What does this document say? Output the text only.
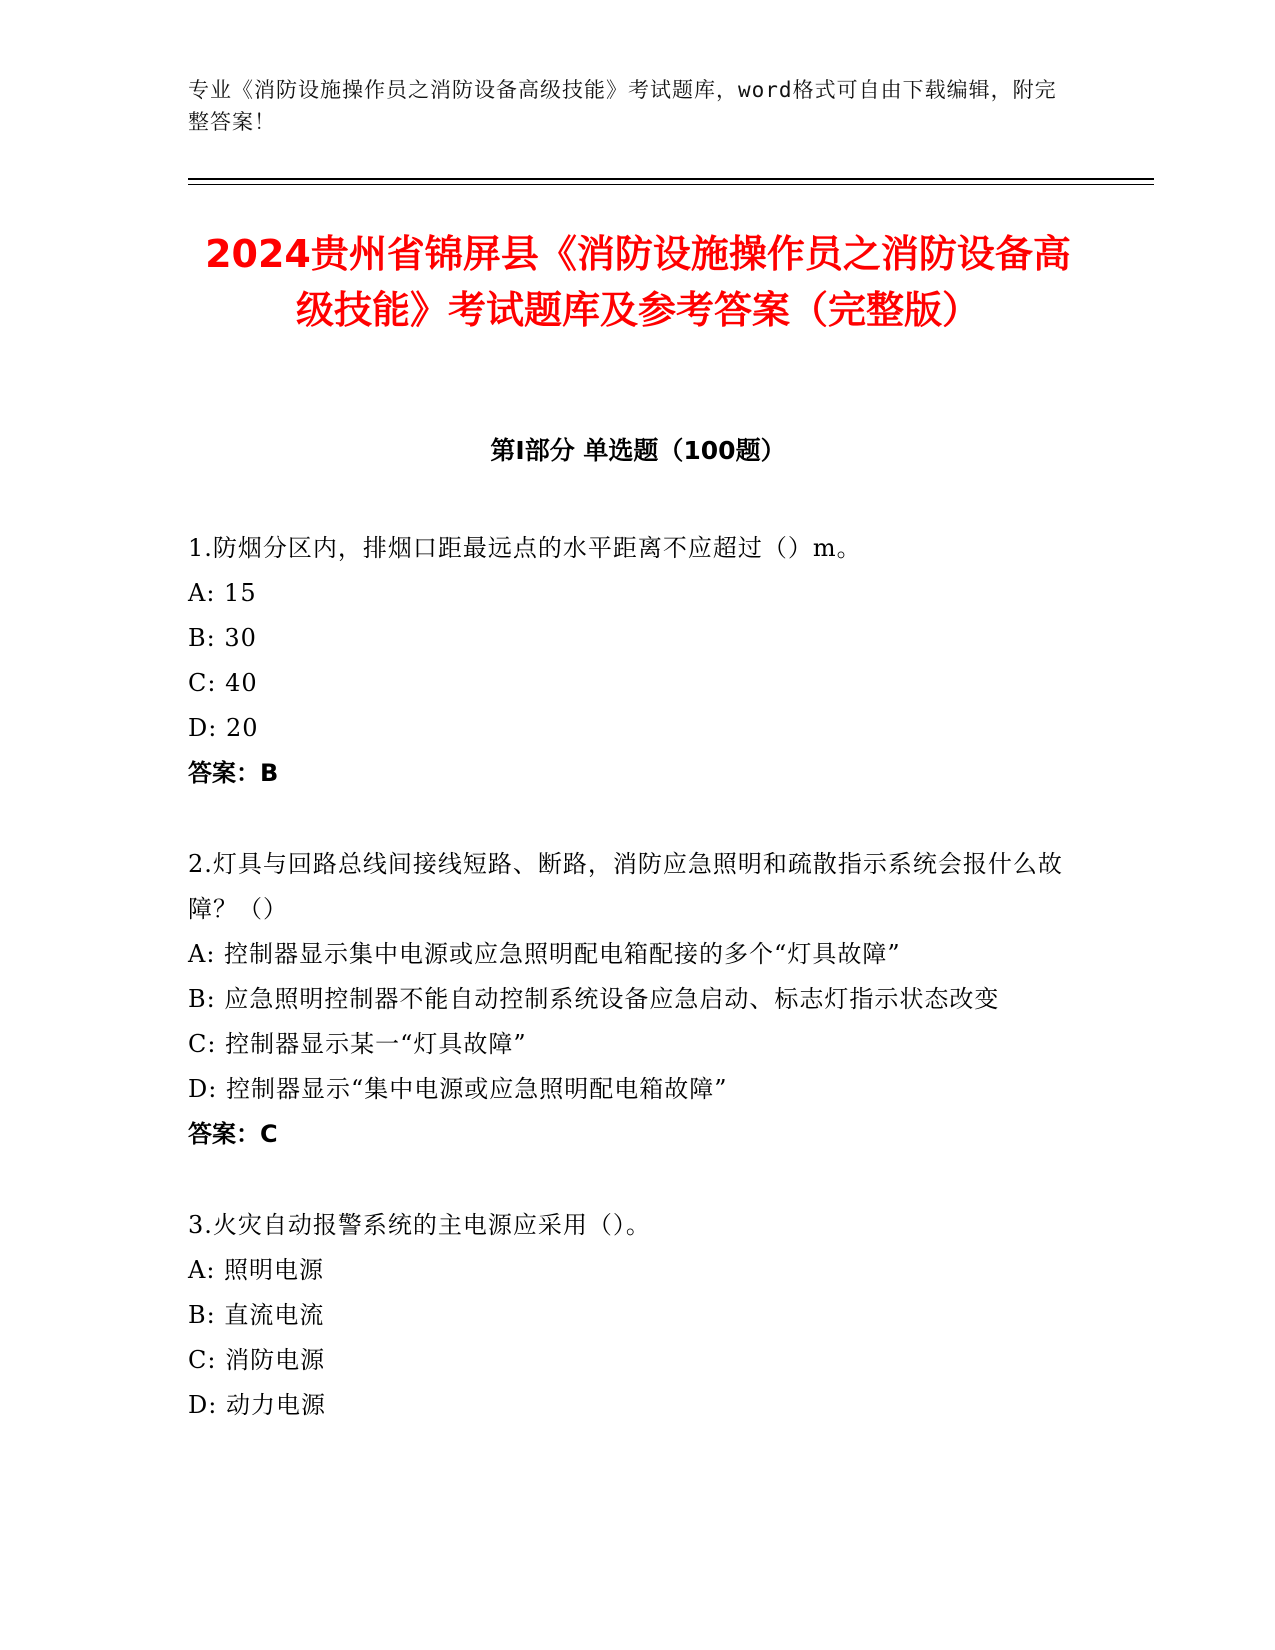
专业《消防设施操作员之消防设备高级技能》考试题库，word格式可自由下载编辑，附完整答案！
2024贵州省锦屏县《消防设施操作员之消防设备高级技能》考试题库及参考答案（完整版）
第I部分 单选题（100题）

1.防烟分区内，排烟口距最远点的水平距离不应超过（）m。

A: 15

B: 30

C: 40

D: 20

答案：B

2.灯具与回路总线间接线短路、断路，消防应急照明和疏散指示系统会报什么故障？（）

A: 控制器显示集中电源或应急照明配电箱配接的多个“灯具故障”

B: 应急照明控制器不能自动控制系统设备应急启动、标志灯指示状态改变

C: 控制器显示某一“灯具故障”

D: 控制器显示“集中电源或应急照明配电箱故障”

答案：C

3.火灾自动报警系统的主电源应采用（）。

A: 照明电源

B: 直流电流

C: 消防电源

D: 动力电源
